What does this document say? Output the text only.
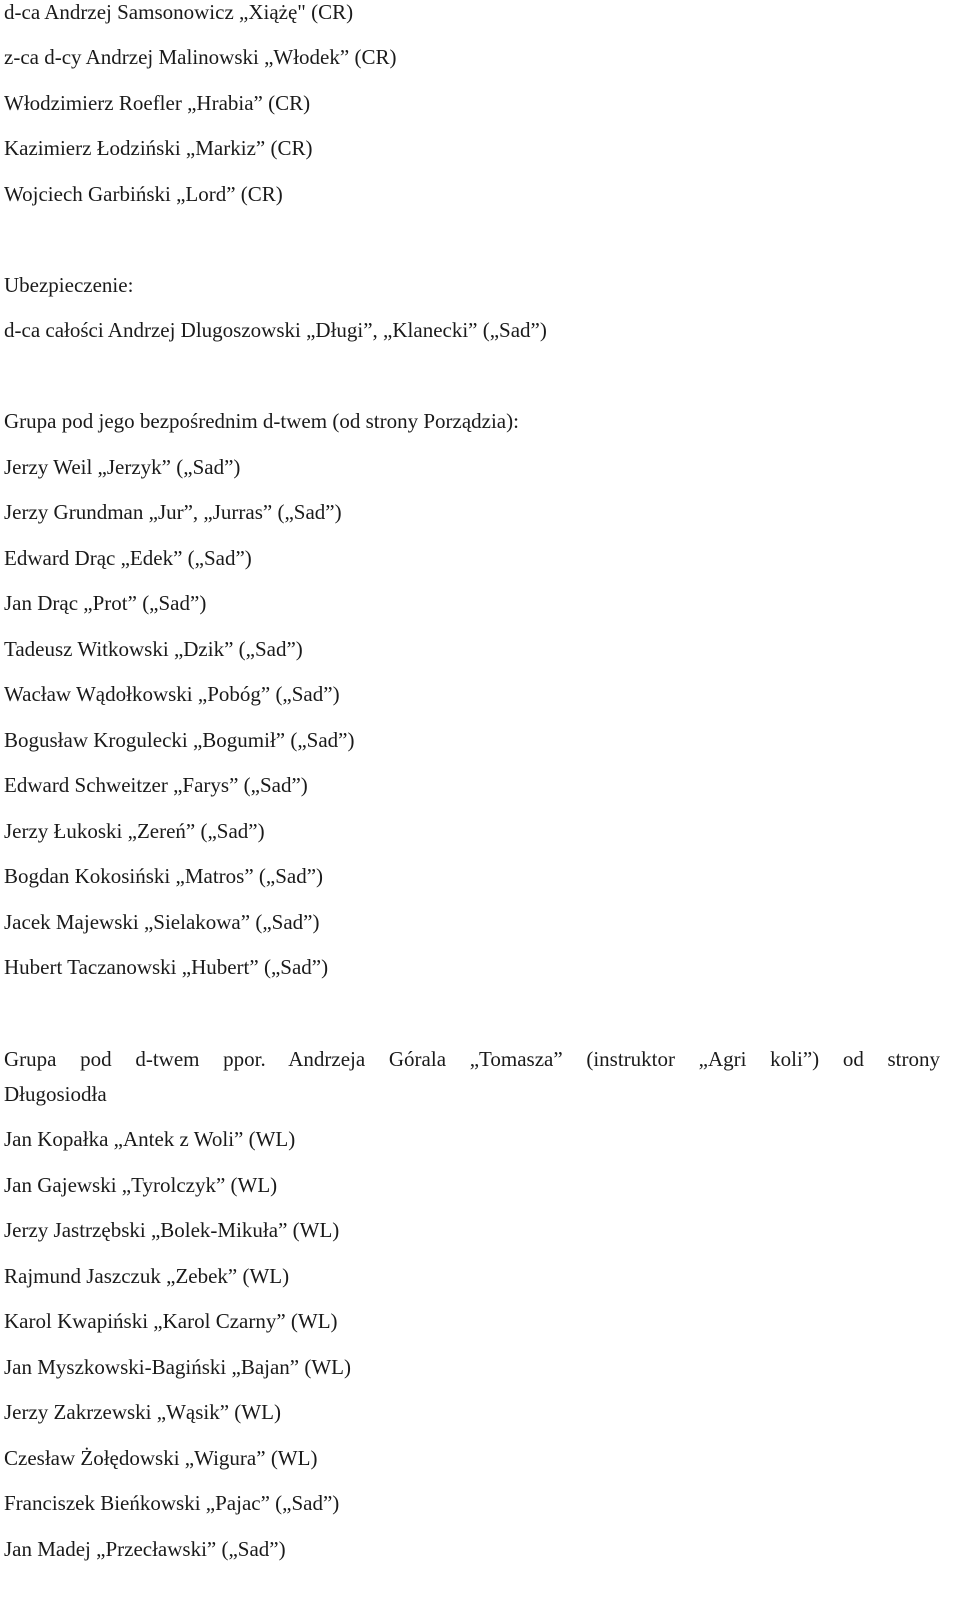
d-ca Andrzej Samsonowicz „Xiążę" (CR)
z-ca d-cy Andrzej Malinowski „Włodek” (CR)
Włodzimierz Roefler „Hrabia” (CR)
Kazimierz Łodziński „Markiz” (CR)
Wojciech Garbiński „Lord” (CR)
Ubezpieczenie:
d-ca całości Andrzej Dlugoszowski „Długi”, „Klanecki” („Sad”)
Grupa pod jego bezpośrednim d-twem (od strony Porządzia):
Jerzy Weil „Jerzyk” („Sad”)
Jerzy Grundman „Jur”, „Jurras” („Sad”)
Edward Drąc „Edek” („Sad”)
Jan Drąc „Prot” („Sad”)
Tadeusz Witkowski „Dzik” („Sad”)
Wacław Wądołkowski „Pobóg” („Sad”)
Bogusław Krogulecki „Bogumił” („Sad”)
Edward Schweitzer „Farys” („Sad”)
Jerzy Łukoski „Zereń” („Sad”)
Bogdan Kokosiński „Matros” („Sad”)
Jacek Majewski „Sielakowa” („Sad”)
Hubert Taczanowski „Hubert” („Sad”)
Grupa pod d-twem ppor. Andrzeja Górala „Tomasza” (instruktor „Agri koli”) od strony
Długosiodła
Jan Kopałka „Antek z Woli” (WL)
Jan Gajewski „Tyrolczyk” (WL)
Jerzy Jastrzębski „Bolek-Mikuła” (WL)
Rajmund Jaszczuk „Zebek” (WL)
Karol Kwapiński „Karol Czarny” (WL)
Jan Myszkowski-Bagiński „Bajan” (WL)
Jerzy Zakrzewski „Wąsik” (WL)
Czesław Żołędowski „Wigura” (WL)
Franciszek Bieńkowski „Pajac” („Sad”)
Jan Madej „Przecławski” („Sad”)
